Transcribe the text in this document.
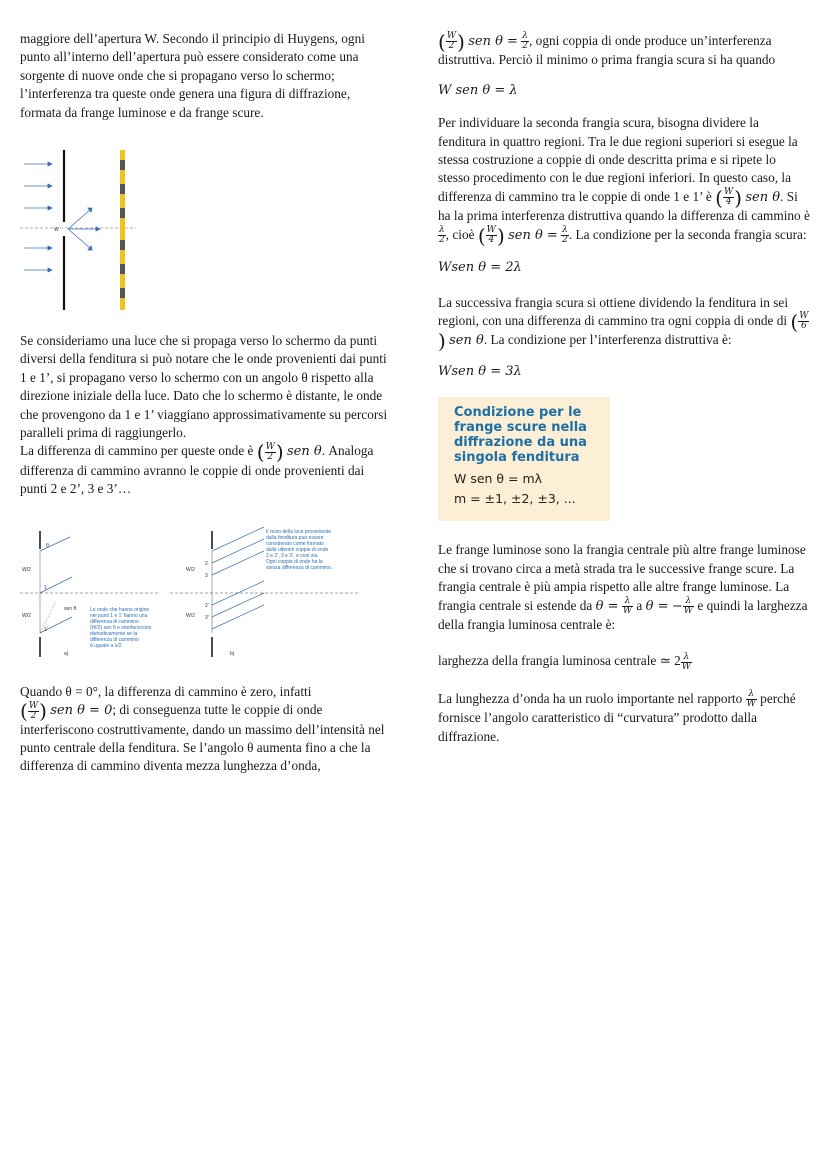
maggiore dell’apertura W. Secondo il principio di Huygens, ogni punto all’interno dell’apertura può essere considerato come una sorgente di nuove onde che si propagano verso lo schermo; l’interferenza tra queste onde genera una figura di diffrazione, formata da frange luminose e da frange scure.

W

Se consideriamo una luce che si propaga verso lo schermo da punti diversi della fenditura si può notare che le onde provenienti dai punti 1 e 1’, si propagano verso lo schermo con un angolo θ rispetto alla direzione iniziale della luce. Dato che lo schermo è distante, le onde che provengono da 1 e 1’ viaggiano approssimativamente su percorsi paralleli prima di raggiungerlo.

La differenza di cammino per queste onde è ( $\frac{W}{2}$ ) sen θ. Analoga differenza di cammino avranno le coppie di onde provenienti dai punti 2 e 2’, 3 e 3’…

W/2
W/2
1
1’
θ
sen θ
a)
Le onde che hanno origine
nei punti 1 e 1’ hanno una
differenza di cammino
(W/2) sen θ e interferiscono
distruttivamente se la
differenza di cammino
è uguale a λ/2.
W/2
W/2
2
3
2’
3’
b)
Il resto della luce proveniente
dalla fenditura può essere
considerato come formato
dalle ulteriori coppie di onde
2 e 2’, 3 e 3’, e così via.
Ogni coppia di onde ha la
stessa differenza di cammino.

Quando θ = 0°, la differenza di cammino è zero, infatti
( $\frac{W}{2}$ ) sen θ = 0; di conseguenza tutte le coppie di onde interferiscono costruttivamente, dando un massimo dell’intensità nel punto centrale della fenditura. Se l’angolo θ aumenta fino a che la differenza di cammino diventa mezza lunghezza d’onda,

( $\frac{W}{2}$ ) sen $\theta = \frac{\lambda}{2}$ , ogni coppia di onde produce un’interferenza distruttiva. Perciò il minimo o prima frangia scura si ha quando

W sen θ = λ

Per individuare la seconda frangia scura, bisogna dividere la fenditura in quattro regioni. Tra le due regioni superiori si esegue la stessa costruzione a coppie di onde descritta prima e si ripete lo stesso procedimento con le due regioni inferiori. In questo caso, la differenza di cammino tra le coppie di onde 1 e 1’ è ( $\frac{W}{4}$ ) sen θ. Si ha la prima interferenza distruttiva quando la differenza di cammino è
$\frac{\lambda}{2}$ , cioè ( $\frac{W}{4}$ ) sen $\theta = \frac{\lambda}{2}$ . La condizione per la seconda frangia scura:

Wsen θ = 2λ

La successiva frangia scura si ottiene dividendo la fenditura in sei regioni, con una differenza di cammino tra ogni coppia di onde di ( $\frac{W}{6}$
) sen θ. La condizione per l’interferenza distruttiva è:

Wsen θ = 3λ

Condizione per le frange scure nella diffrazione da una singola fenditura
W sen θ = mλ
m = ±1, ±2, ±3, ...

Le frange luminose sono la frangia centrale più altre frange luminose che si trovano circa a metà strada tra le successive frange scure. La frangia centrale è più ampia rispetto alle altre frange luminose. La frangia centrale si estende da $\theta = \frac{\lambda}{W}$ a θ = − $\frac{\lambda}{W}$ e quindi la larghezza della frangia luminosa centrale è:

larghezza della frangia luminosa centrale ≃ $2 \frac{\lambda}{W}$

La lunghezza d’onda ha un ruolo importante nel rapporto $\frac{\lambda}{W}$ perché fornisce l’angolo caratteristico di “curvatura” prodotto dalla diffrazione.
